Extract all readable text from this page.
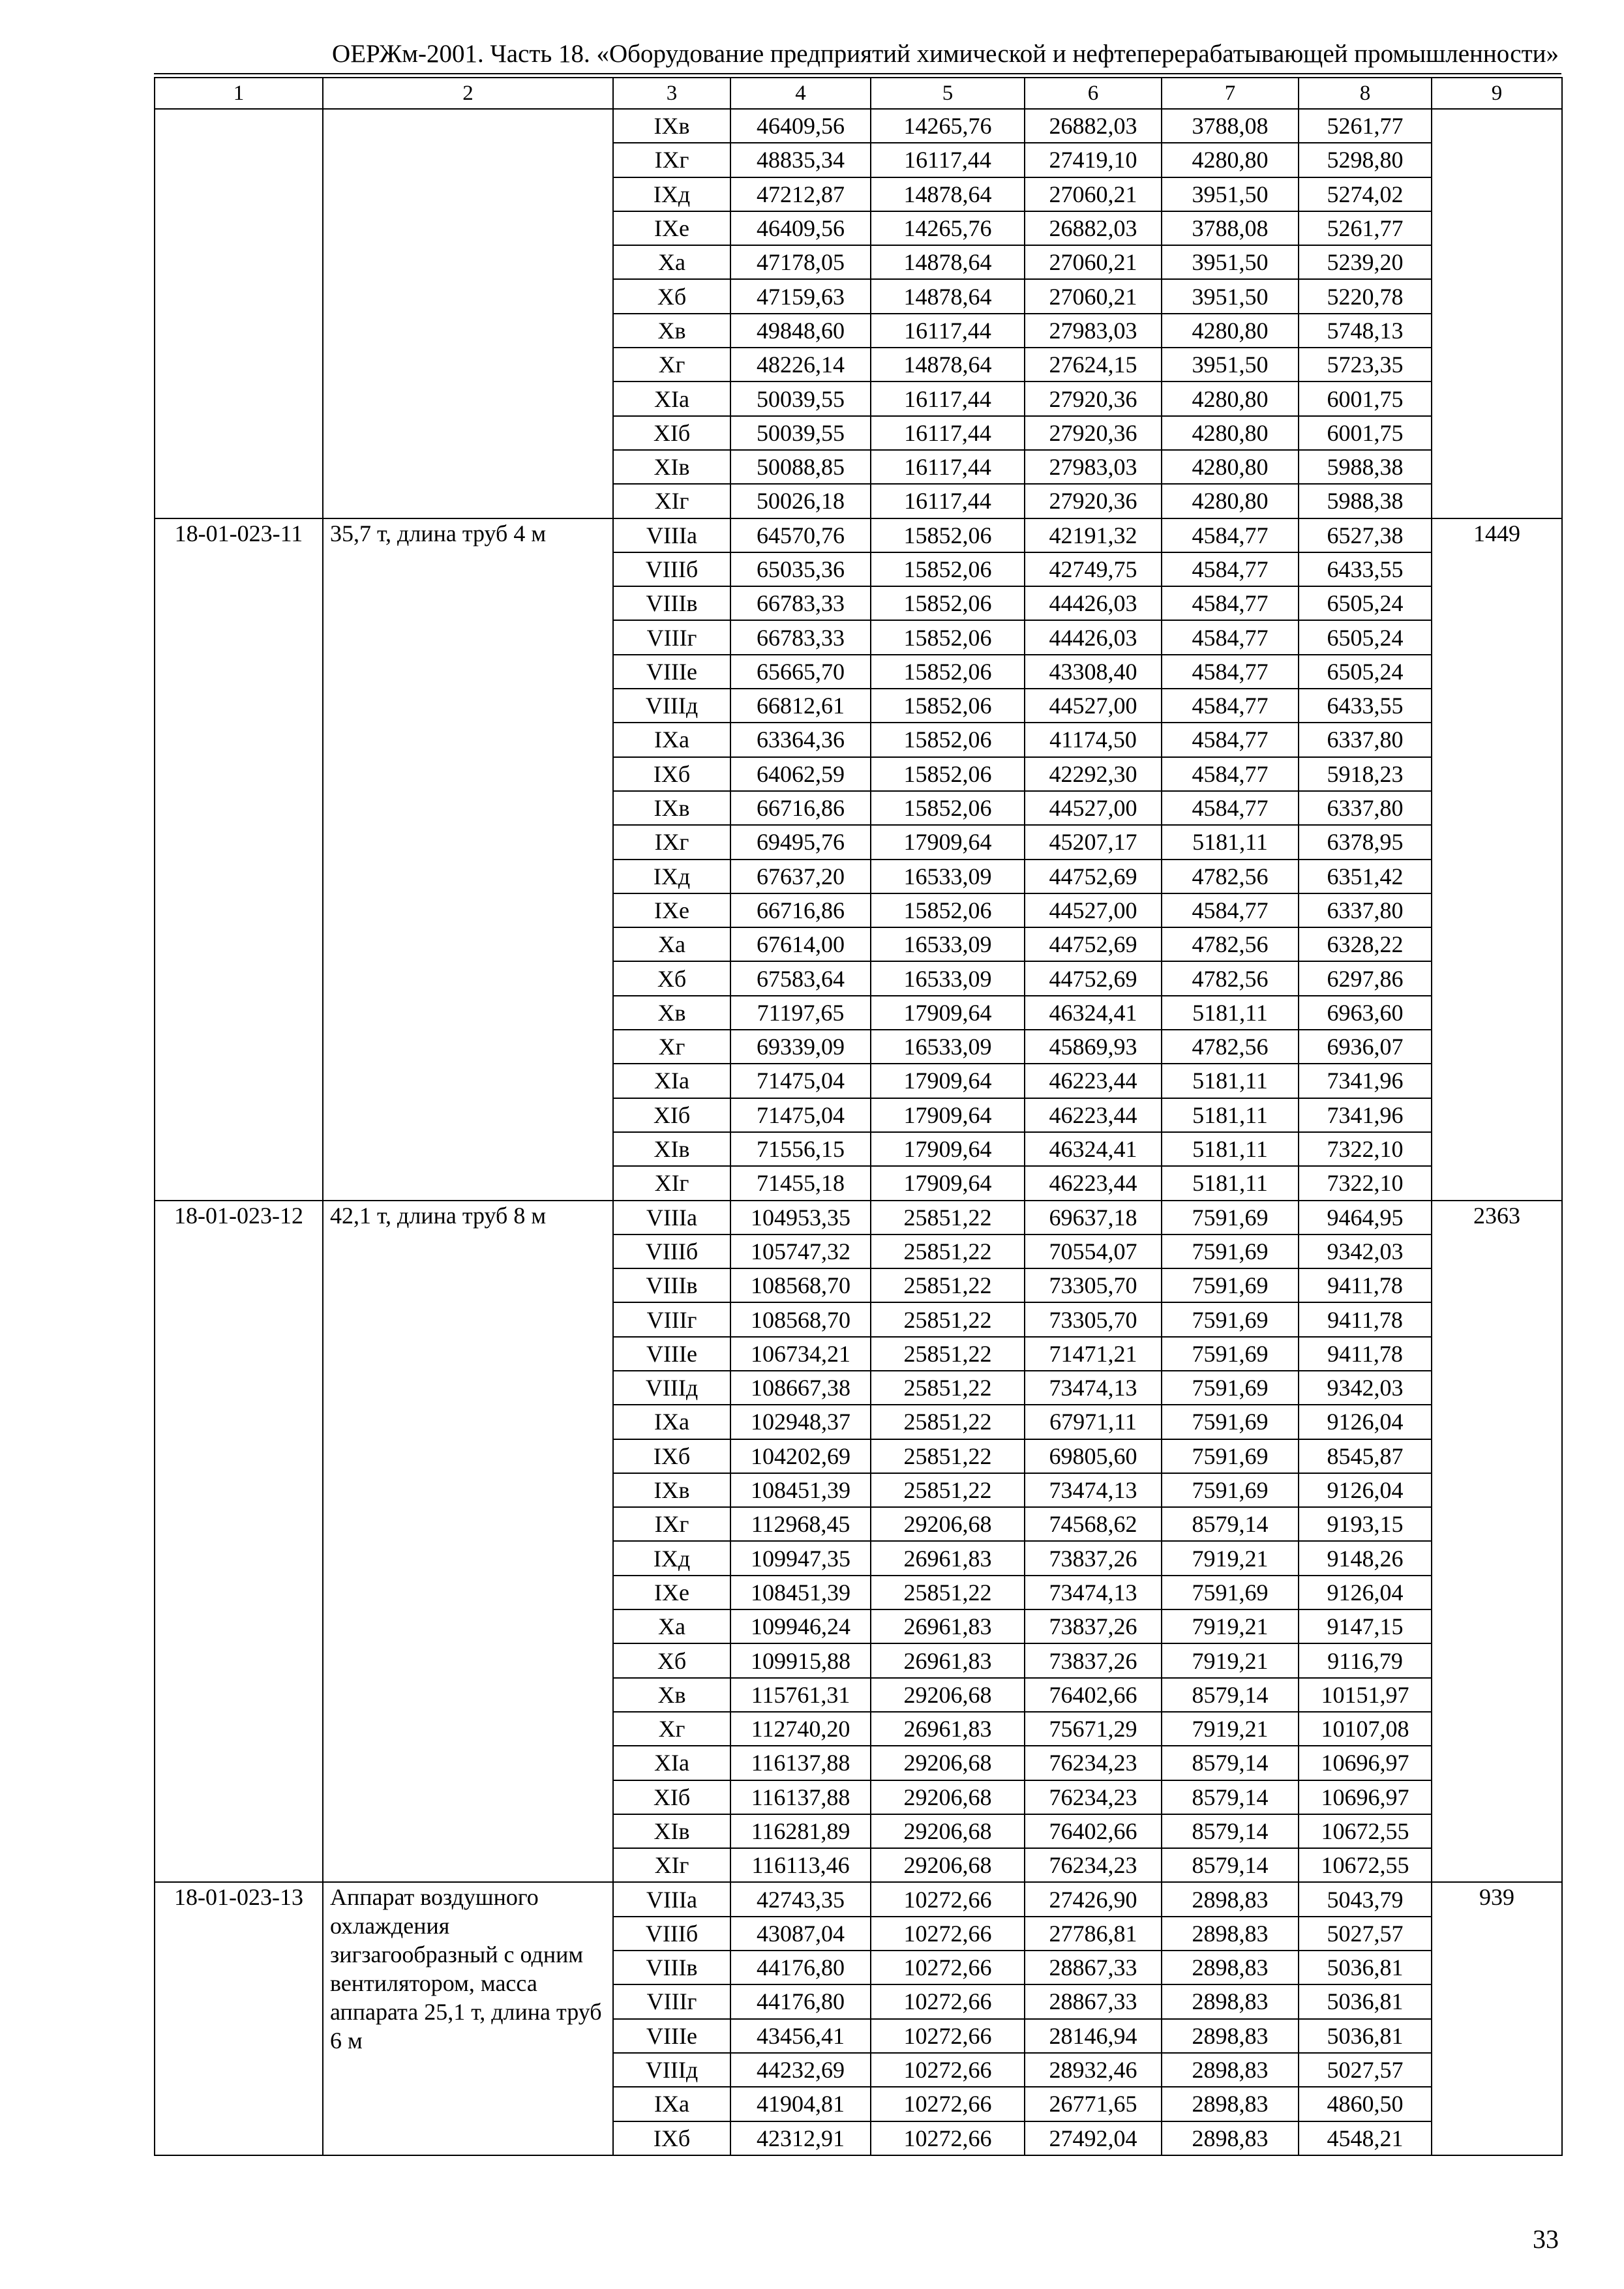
ОЕРЖм-2001. Часть 18. «Оборудование предприятий химической и нефтеперерабатывающей промышленности»
1	2	3	4	5	6	7	8	9
		IXв	46409,56	14265,76	26882,03	3788,08	5261,77	
		IXг	48835,34	16117,44	27419,10	4280,80	5298,80	
		IXд	47212,87	14878,64	27060,21	3951,50	5274,02	
		IXе	46409,56	14265,76	26882,03	3788,08	5261,77	
		Xа	47178,05	14878,64	27060,21	3951,50	5239,20	
		Xб	47159,63	14878,64	27060,21	3951,50	5220,78	
		Xв	49848,60	16117,44	27983,03	4280,80	5748,13	
		Xг	48226,14	14878,64	27624,15	3951,50	5723,35	
		XIа	50039,55	16117,44	27920,36	4280,80	6001,75	
		XIб	50039,55	16117,44	27920,36	4280,80	6001,75	
		XIв	50088,85	16117,44	27983,03	4280,80	5988,38	
		XIг	50026,18	16117,44	27920,36	4280,80	5988,38	
18-01-023-11	35,7 т, длина труб 4 м	VIIIа	64570,76	15852,06	42191,32	4584,77	6527,38	1449
		VIIIб	65035,36	15852,06	42749,75	4584,77	6433,55	
		VIIIв	66783,33	15852,06	44426,03	4584,77	6505,24	
		VIIIг	66783,33	15852,06	44426,03	4584,77	6505,24	
		VIIIе	65665,70	15852,06	43308,40	4584,77	6505,24	
		VIIIд	66812,61	15852,06	44527,00	4584,77	6433,55	
		IXа	63364,36	15852,06	41174,50	4584,77	6337,80	
		IXб	64062,59	15852,06	42292,30	4584,77	5918,23	
		IXв	66716,86	15852,06	44527,00	4584,77	6337,80	
		IXг	69495,76	17909,64	45207,17	5181,11	6378,95	
		IXд	67637,20	16533,09	44752,69	4782,56	6351,42	
		IXе	66716,86	15852,06	44527,00	4584,77	6337,80	
		Xа	67614,00	16533,09	44752,69	4782,56	6328,22	
		Xб	67583,64	16533,09	44752,69	4782,56	6297,86	
		Xв	71197,65	17909,64	46324,41	5181,11	6963,60	
		Xг	69339,09	16533,09	45869,93	4782,56	6936,07	
		XIа	71475,04	17909,64	46223,44	5181,11	7341,96	
		XIб	71475,04	17909,64	46223,44	5181,11	7341,96	
		XIв	71556,15	17909,64	46324,41	5181,11	7322,10	
		XIг	71455,18	17909,64	46223,44	5181,11	7322,10	
18-01-023-12	42,1 т, длина труб 8 м	VIIIа	104953,35	25851,22	69637,18	7591,69	9464,95	2363
		VIIIб	105747,32	25851,22	70554,07	7591,69	9342,03	
		VIIIв	108568,70	25851,22	73305,70	7591,69	9411,78	
		VIIIг	108568,70	25851,22	73305,70	7591,69	9411,78	
		VIIIе	106734,21	25851,22	71471,21	7591,69	9411,78	
		VIIIд	108667,38	25851,22	73474,13	7591,69	9342,03	
		IXа	102948,37	25851,22	67971,11	7591,69	9126,04	
		IXб	104202,69	25851,22	69805,60	7591,69	8545,87	
		IXв	108451,39	25851,22	73474,13	7591,69	9126,04	
		IXг	112968,45	29206,68	74568,62	8579,14	9193,15	
		IXд	109947,35	26961,83	73837,26	7919,21	9148,26	
		IXе	108451,39	25851,22	73474,13	7591,69	9126,04	
		Xа	109946,24	26961,83	73837,26	7919,21	9147,15	
		Xб	109915,88	26961,83	73837,26	7919,21	9116,79	
		Xв	115761,31	29206,68	76402,66	8579,14	10151,97	
		Xг	112740,20	26961,83	75671,29	7919,21	10107,08	
		XIа	116137,88	29206,68	76234,23	8579,14	10696,97	
		XIб	116137,88	29206,68	76234,23	8579,14	10696,97	
		XIв	116281,89	29206,68	76402,66	8579,14	10672,55	
		XIг	116113,46	29206,68	76234,23	8579,14	10672,55	
18-01-023-13	Аппарат воздушного охлаждения зигзагообразный с одним вентилятором, масса аппарата 25,1 т, длина труб 6 м	VIIIа	42743,35	10272,66	27426,90	2898,83	5043,79	939
		VIIIб	43087,04	10272,66	27786,81	2898,83	5027,57	
		VIIIв	44176,80	10272,66	28867,33	2898,83	5036,81	
		VIIIг	44176,80	10272,66	28867,33	2898,83	5036,81	
		VIIIе	43456,41	10272,66	28146,94	2898,83	5036,81	
		VIIIд	44232,69	10272,66	28932,46	2898,83	5027,57	
		IXа	41904,81	10272,66	26771,65	2898,83	4860,50	
		IXб	42312,91	10272,66	27492,04	2898,83	4548,21	
33
